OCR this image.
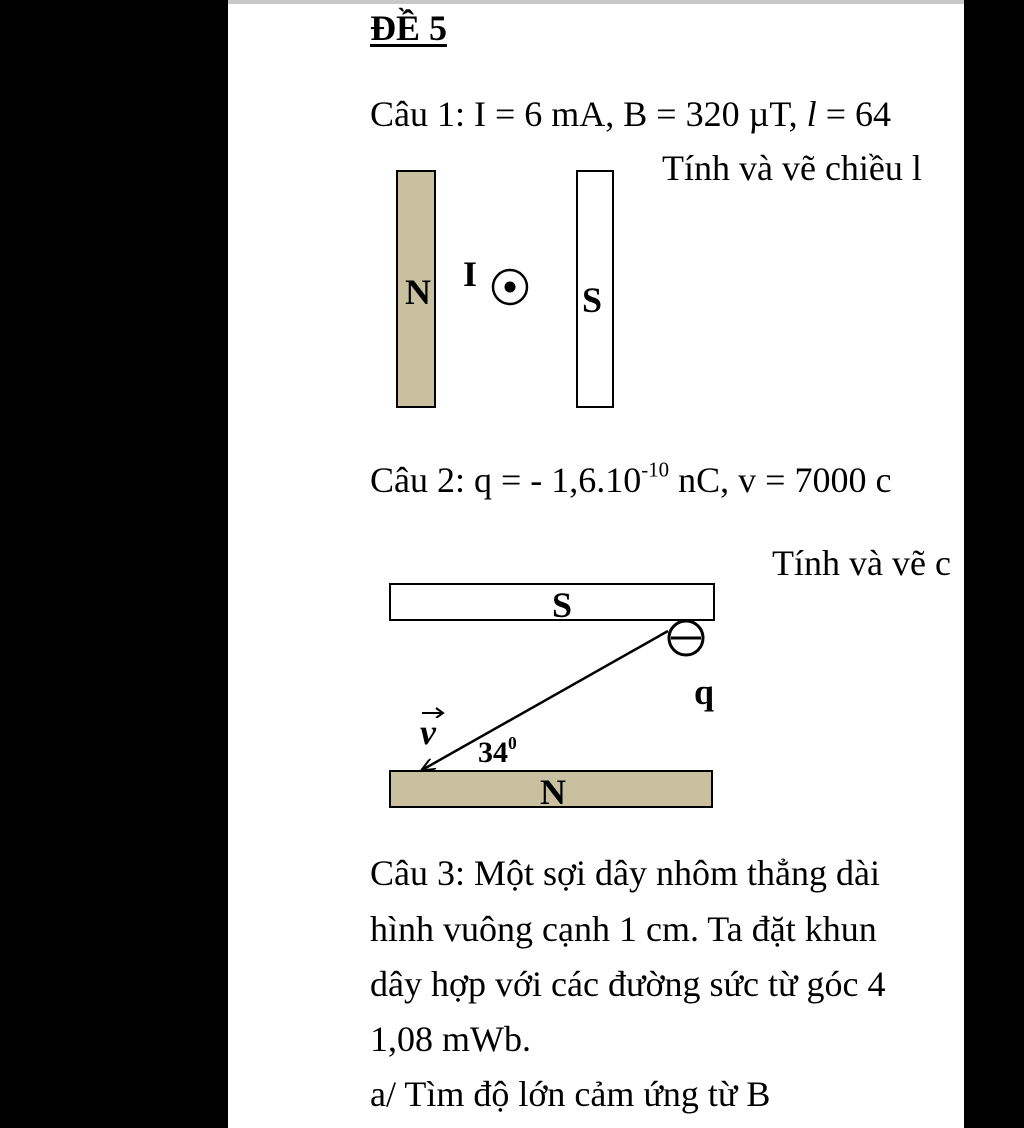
ĐỀ 5
Câu 1: I = 6 mA, B = 320 µT, l = 64
Tính và vẽ chiều l
N	S
I
Câu 2: q = - $1,6.10^{-10}$ nC, v = 7000 c
Tính và vẽ c
S
N
q
v
$34^0$
Câu 3: Một sợi dây nhôm thẳng dài
hình vuông cạnh 1 cm. Ta đặt khun
dây hợp với các đường sức từ góc 4
1,08 mWb.
a/ Tìm độ lớn cảm ứng từ B
